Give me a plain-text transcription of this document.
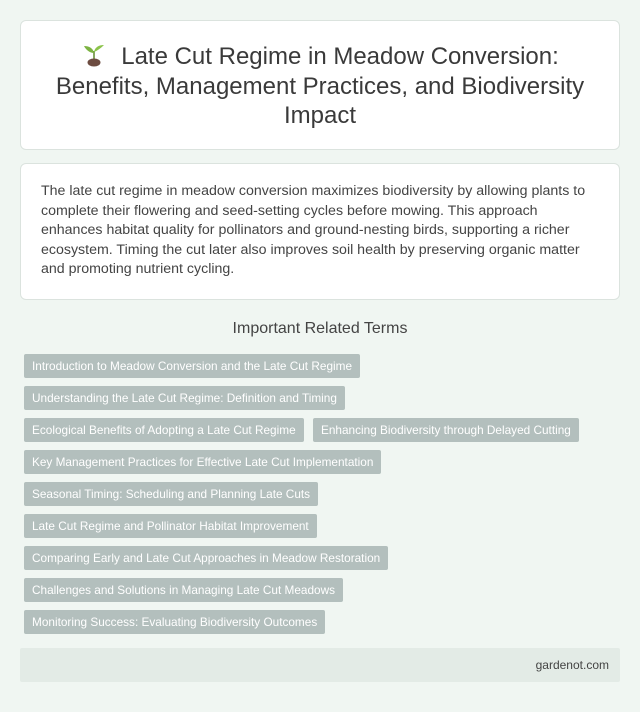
Late Cut Regime in Meadow Conversion: Benefits, Management Practices, and Biodiversity Impact

The late cut regime in meadow conversion maximizes biodiversity by allowing plants to complete their flowering and seed-setting cycles before mowing. This approach enhances habitat quality for pollinators and ground-nesting birds, supporting a richer ecosystem. Timing the cut later also improves soil health by preserving organic matter and promoting nutrient cycling.

Important Related Terms
Introduction to Meadow Conversion and the Late Cut Regime
Understanding the Late Cut Regime: Definition and Timing
Ecological Benefits of Adopting a Late Cut Regime	Enhancing Biodiversity through Delayed Cutting
Key Management Practices for Effective Late Cut Implementation
Seasonal Timing: Scheduling and Planning Late Cuts
Late Cut Regime and Pollinator Habitat Improvement
Comparing Early and Late Cut Approaches in Meadow Restoration
Challenges and Solutions in Managing Late Cut Meadows
Monitoring Success: Evaluating Biodiversity Outcomes
gardenot.com
